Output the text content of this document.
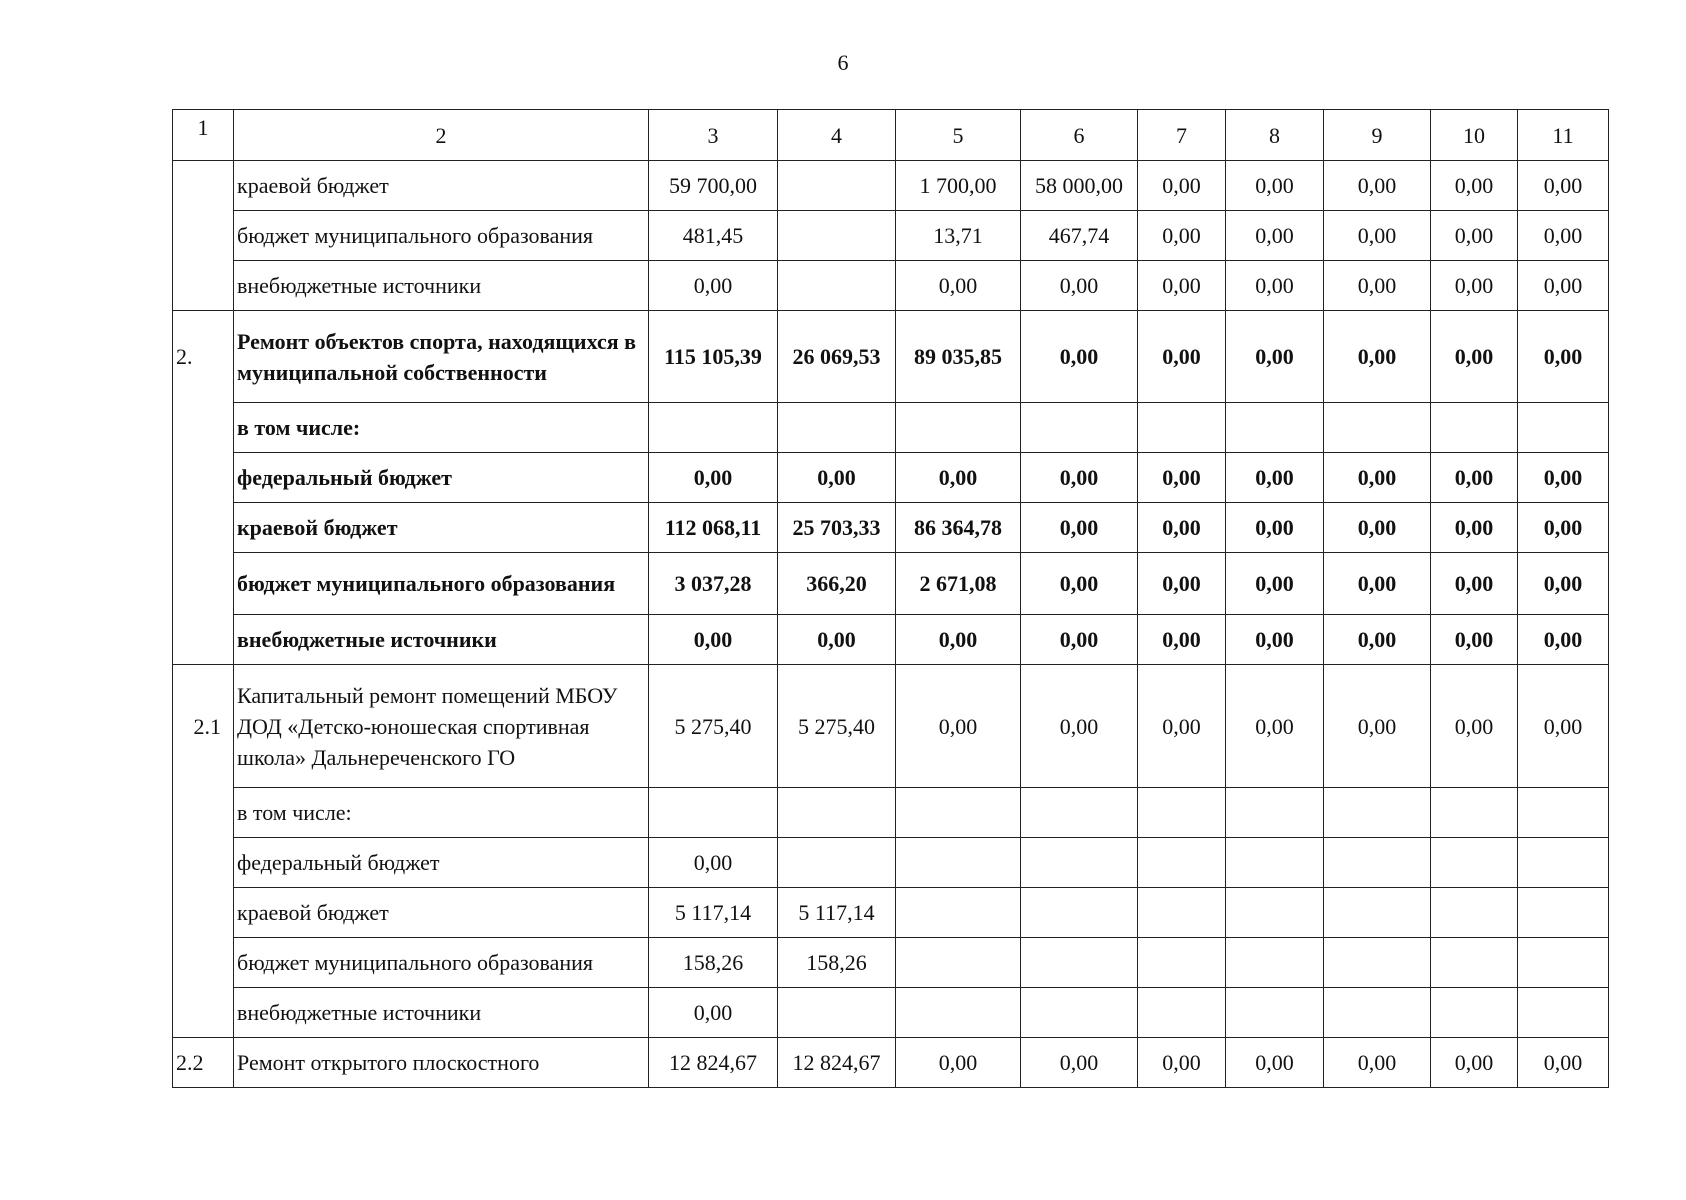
6
1	2	3	4	5	6	7	8	9	10	11
	краевой бюджет	59 700,00		1 700,00	58 000,00	0,00	0,00	0,00	0,00	0,00
	бюджет муниципального образования	481,45		13,71	467,74	0,00	0,00	0,00	0,00	0,00
	внебюджетные источники	0,00		0,00	0,00	0,00	0,00	0,00	0,00	0,00
2.	Ремонт объектов спорта, находящихся в муниципальной собственности	115 105,39	26 069,53	89 035,85	0,00	0,00	0,00	0,00	0,00	0,00
	в том числе:									
	федеральный бюджет	0,00	0,00	0,00	0,00	0,00	0,00	0,00	0,00	0,00
	краевой бюджет	112 068,11	25 703,33	86 364,78	0,00	0,00	0,00	0,00	0,00	0,00
	бюджет муниципального образования	3 037,28	366,20	2 671,08	0,00	0,00	0,00	0,00	0,00	0,00
	внебюджетные источники	0,00	0,00	0,00	0,00	0,00	0,00	0,00	0,00	0,00
2.1	Капитальный ремонт помещений МБОУ ДОД «Детско-юношеская спортивная школа» Дальнереченского ГО	5 275,40	5 275,40	0,00	0,00	0,00	0,00	0,00	0,00	0,00
	в том числе:									
	федеральный бюджет	0,00								
	краевой бюджет	5 117,14	5 117,14							
	бюджет муниципального образования	158,26	158,26							
	внебюджетные источники	0,00								
2.2	Ремонт открытого плоскостного	12 824,67	12 824,67	0,00	0,00	0,00	0,00	0,00	0,00	0,00
